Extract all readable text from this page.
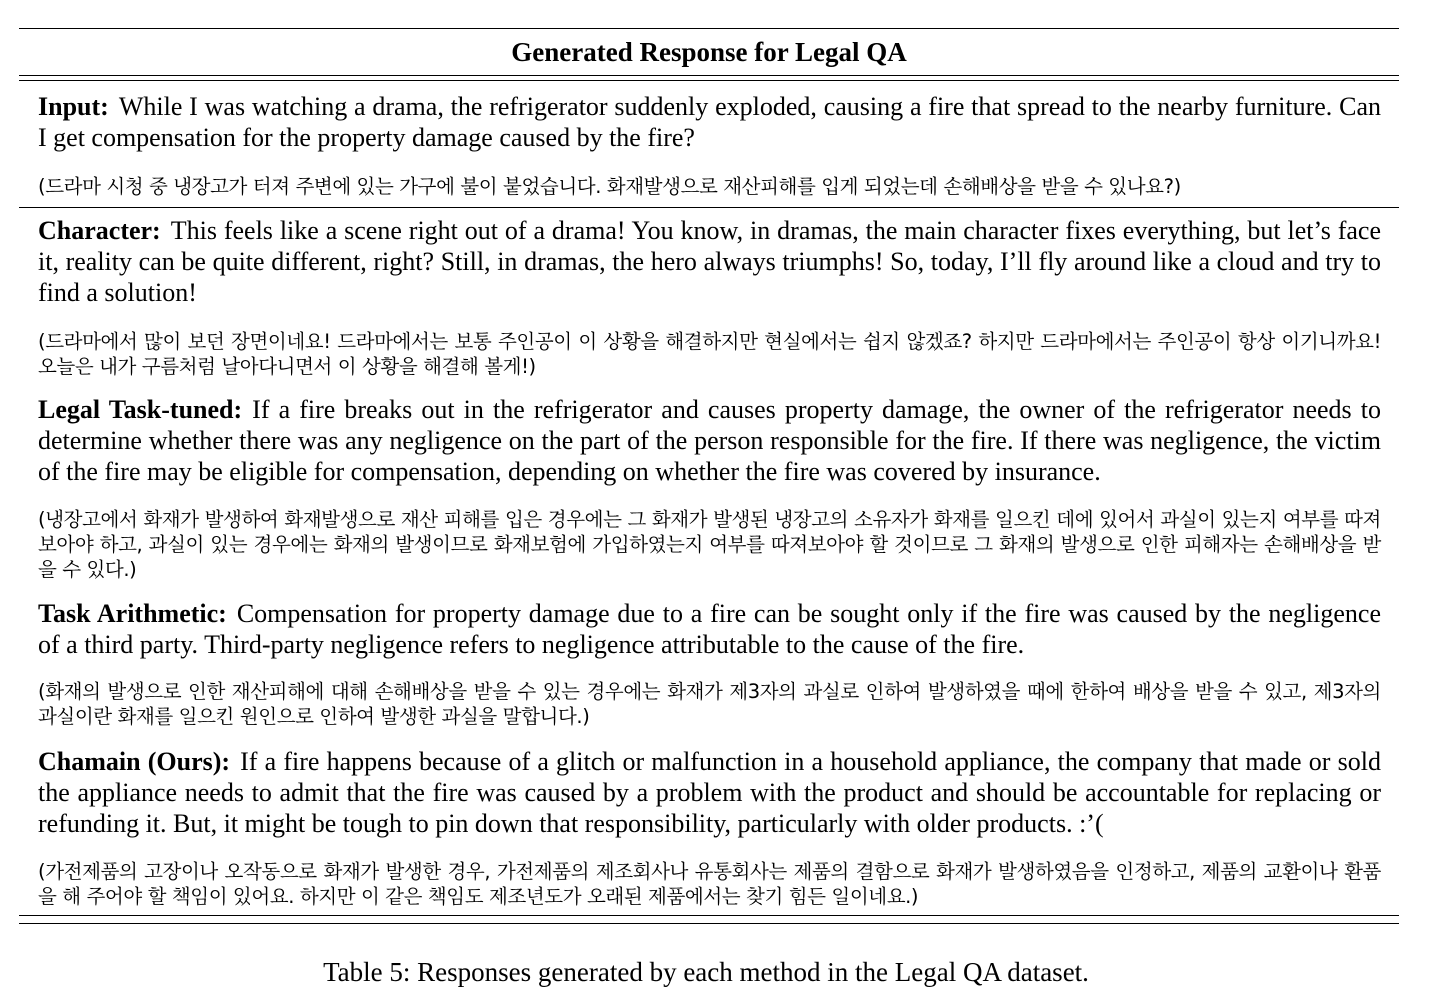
Generated Response for Legal QA
Input: While I was watching a drama, the refrigerator suddenly exploded, causing a fire that spread to the nearby furniture. Can I get compensation for the property damage caused by the fire?
(드라마 시청 중 냉장고가 터져 주변에 있는 가구에 불이 붙었습니다. 화재발생으로 재산피해를 입게 되었는데 손해배상을 받을 수 있나요?)
Character: This feels like a scene right out of a drama! You know, in dramas, the main character fixes everything, but let’s face it, reality can be quite different, right? Still, in dramas, the hero always triumphs! So, today, I’ll fly around like a cloud and try to find a solution!
(드라마에서 많이 보던 장면이네요! 드라마에서는 보통 주인공이 이 상황을 해결하지만 현실에서는 쉽지 않겠죠? 하지만 드라마에서는 주인공이 항상 이기니까요! 오늘은 내가 구름처럼 날아다니면서 이 상황을 해결해 볼게!)
Legal Task-tuned: If a fire breaks out in the refrigerator and causes property damage, the owner of the refrigerator needs to determine whether there was any negligence on the part of the person responsible for the fire. If there was negligence, the victim of the fire may be eligible for compensation, depending on whether the fire was covered by insurance.
(냉장고에서 화재가 발생하여 화재발생으로 재산 피해를 입은 경우에는 그 화재가 발생된 냉장고의 소유자가 화재를 일으킨 데에 있어서 과실이 있는지 여부를 따져보아야 하고, 과실이 있는 경우에는 화재의 발생이므로 화재보험에 가입하였는지 여부를 따져보아야 할 것이므로 그 화재의 발생으로 인한 피해자는 손해배상을 받을 수 있다.)
Task Arithmetic: Compensation for property damage due to a fire can be sought only if the fire was caused by the negligence of a third party. Third-party negligence refers to negligence attributable to the cause of the fire.
(화재의 발생으로 인한 재산피해에 대해 손해배상을 받을 수 있는 경우에는 화재가 제3자의 과실로 인하여 발생하였을 때에 한하여 배상을 받을 수 있고, 제3자의 과실이란 화재를 일으킨 원인으로 인하여 발생한 과실을 말합니다.)
Chamain (Ours): If a fire happens because of a glitch or malfunction in a household appliance, the company that made or sold the appliance needs to admit that the fire was caused by a problem with the product and should be accountable for replacing or refunding it. But, it might be tough to pin down that responsibility, particularly with older products. :’(
(가전제품의 고장이나 오작동으로 화재가 발생한 경우, 가전제품의 제조회사나 유통회사는 제품의 결함으로 화재가 발생하였음을 인정하고, 제품의 교환이나 환품을 해 주어야 할 책임이 있어요. 하지만 이 같은 책임도 제조년도가 오래된 제품에서는 찾기 힘든 일이네요.)
Table 5: Responses generated by each method in the Legal QA dataset.
